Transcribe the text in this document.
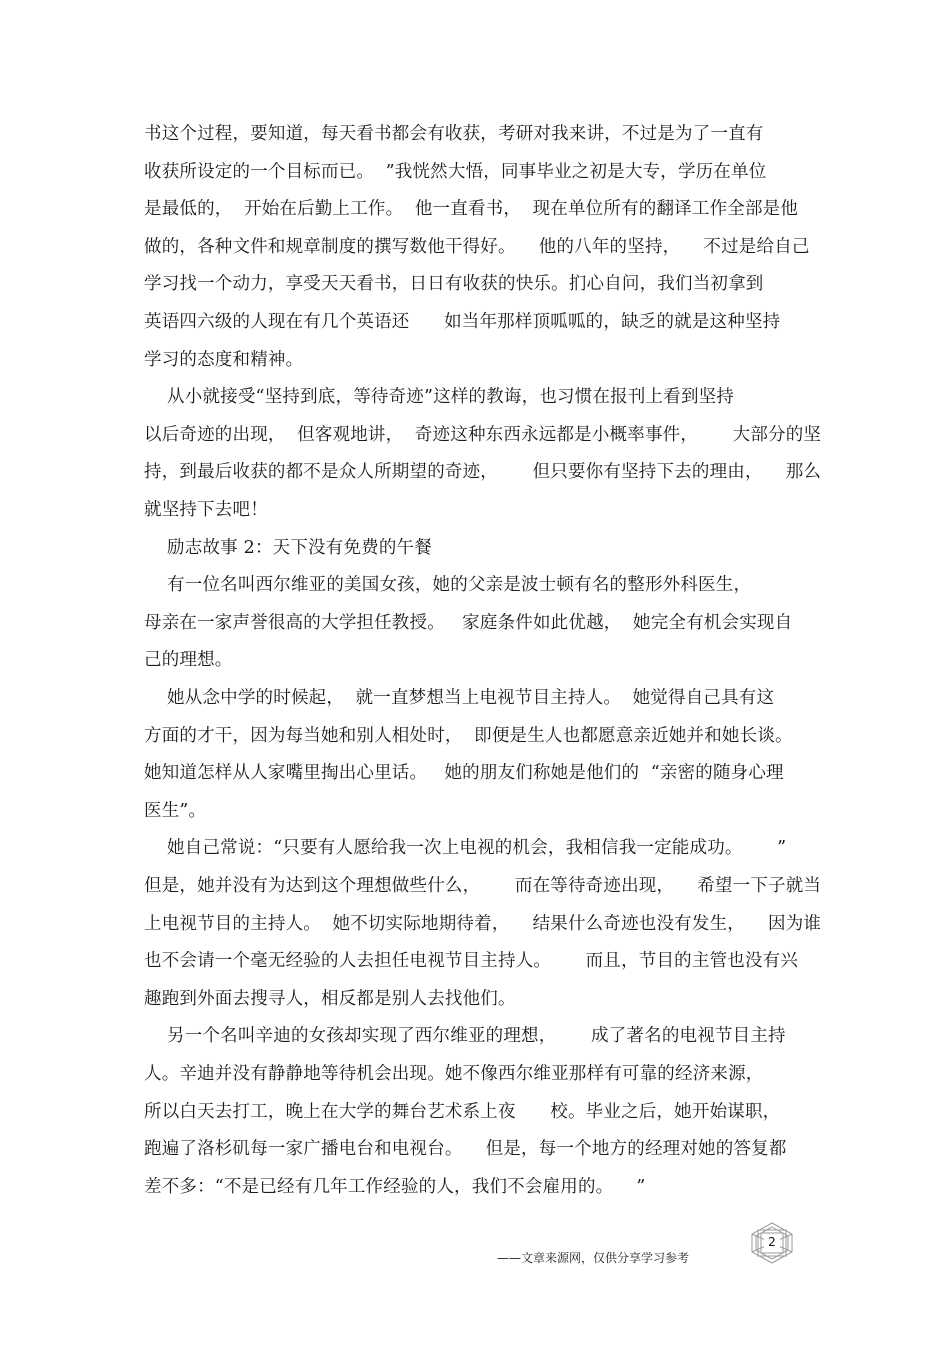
书这个过程，要知道，每天看书都会有收获，考研对我来讲，不过是为了一直有
收获所设定的一个目标而已。  ”我恍然大悟，同事毕业之初是大专，学历在单位
是最低的，  开始在后勤上工作。  他一直看书，  现在单位所有的翻译工作全部是他
做的，各种文件和规章制度的撰写数他干得好。    他的八年的坚持，    不过是给自己
学习找一个动力，享受天天看书，日日有收获的快乐。扪心自问，我们当初拿到
英语四六级的人现在有几个英语还      如当年那样顶呱呱的，缺乏的就是这种坚持
学习的态度和精神。
从小就接受“坚持到底，等待奇迹”这样的教诲，也习惯在报刊上看到坚持
以后奇迹的出现，  但客观地讲，  奇迹这种东西永远都是小概率事件，      大部分的坚
持，到最后收获的都不是众人所期望的奇迹，      但只要你有坚持下去的理由，    那么
就坚持下去吧！
励志故事 2：天下没有免费的午餐
有一位名叫西尔维亚的美国女孩，她的父亲是波士顿有名的整形外科医生，
母亲在一家声誉很高的大学担任教授。   家庭条件如此优越，  她完全有机会实现自
己的理想。
她从念中学的时候起，  就一直梦想当上电视节目主持人。  她觉得自己具有这
方面的才干，因为每当她和别人相处时，  即便是生人也都愿意亲近她并和她长谈。
她知道怎样从人家嘴里掏出心里话。   她的朋友们称她是他们的  “亲密的随身心理
医生”。
她自己常说：“只要有人愿给我一次上电视的机会，我相信我一定能成功。      ”
但是，她并没有为达到这个理想做些什么，      而在等待奇迹出现，    希望一下子就当
上电视节目的主持人。  她不切实际地期待着，    结果什么奇迹也没有发生，    因为谁
也不会请一个毫无经验的人去担任电视节目主持人。      而且，节目的主管也没有兴
趣跑到外面去搜寻人，相反都是别人去找他们。
另一个名叫辛迪的女孩却实现了西尔维亚的理想，      成了著名的电视节目主持
人。辛迪并没有静静地等待机会出现。她不像西尔维亚那样有可靠的经济来源，
所以白天去打工，晚上在大学的舞台艺术系上夜      校。毕业之后，她开始谋职，
跑遍了洛杉矶每一家广播电台和电视台。    但是，每一个地方的经理对她的答复都
差不多：“不是已经有几年工作经验的人，我们不会雇用的。    ”
——文章来源网，仅供分享学习参考
2
